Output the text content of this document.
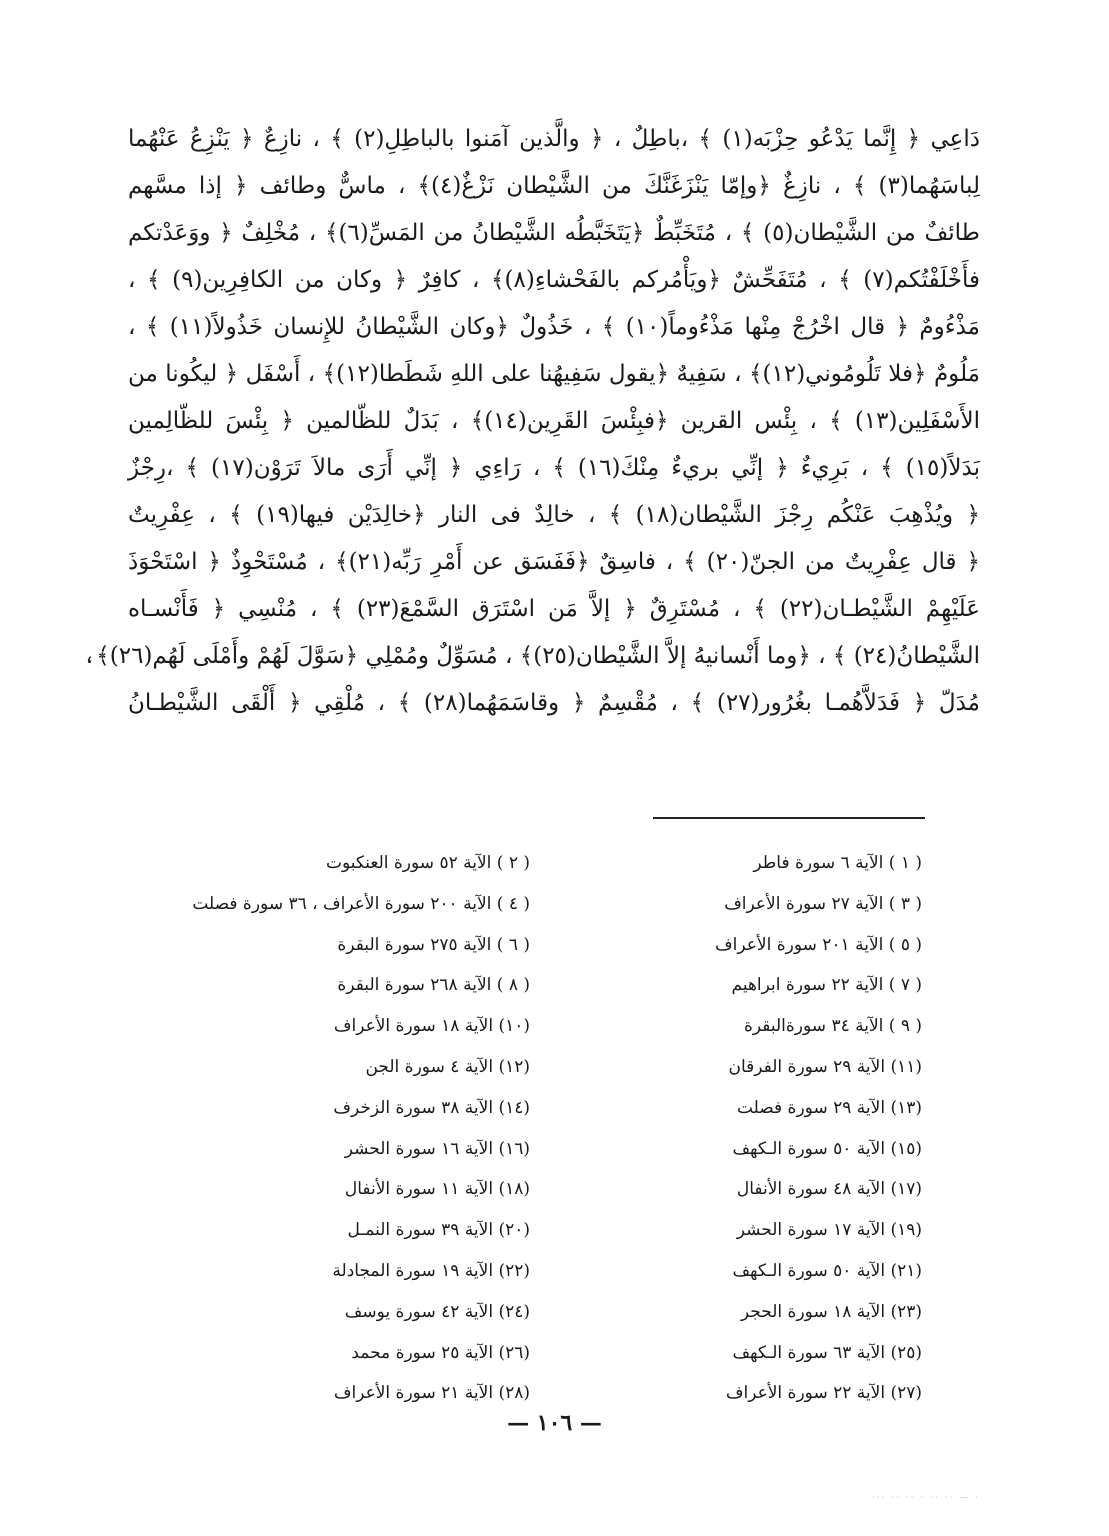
دَاعِي ﴿ إِنَّما يَدْعُو حِزْبَه(١) ﴾ ،باطِلٌ ، ﴿ والَّذين آمَنوا بالباطِلِ(٢) ﴾ ، نازِعٌ ﴿ يَنْزِعُ عَنْهُما
لِباسَهُما(٣) ﴾ ، نازِغٌ ﴿وإمّا يَنْزَغَنَّكَ من الشَّيْطان نَزْغٌ(٤)﴾ ، ماسٌّ وطائف ﴿ إذا مسَّهم
طائفٌ من الشَّيْطان(٥) ﴾ ، مُتَخَبِّطٌ ﴿يَتَخَبَّطُه الشَّيْطانُ من المَسِّ(٦)﴾ ، مُخْلِفٌ ﴿ ووَعَدْتكم
فأَخْلَفْتُكم(٧) ﴾ ، مُتَفَحِّشٌ ﴿ويَأْمُركم بالفَحْشاءِ(٨)﴾ ، كافِرٌ ﴿ وكان من الكافِرِين(٩) ﴾ ،
مَذْءُومٌ ﴿ قال اخْرُجْ مِنْها مَذْءُوماً(١٠) ﴾ ، خَذُولٌ ﴿وكان الشَّيْطانُ للإِنسان خَذُولاً(١١) ﴾ ،
مَلُومٌ ﴿فلا تَلُومُوني(١٢)﴾ ، سَفِيهٌ ﴿يقول سَفِيهُنا على اللهِ شَطَطا(١٢)﴾ ، أَسْفَل ﴿ ليكُونا من
الأَسْفَلِين(١٣) ﴾ ، بِئْس القرين ﴿فبِئْسَ القَرِين(١٤)﴾ ، بَدَلٌ للظّالمين ﴿ بِئْسَ للظّالِمين
بَدَلاً(١٥) ﴾ ، بَرِيءٌ ﴿ إنِّي بريءٌ مِنْكَ(١٦) ﴾ ، رَاءِي ﴿ إنِّي أَرَى مالاَ تَرَوْن(١٧) ﴾ ،رِجْزٌ
﴿ ويُذْهِبَ عَنْكُم رِجْزَ الشَّيْطان(١٨) ﴾ ، خالِدٌ فى النار ﴿خالِدَيْن فيها(١٩) ﴾ ، عِفْرِيتٌ
﴿ قال عِفْرِيتٌ من الجنّ(٢٠) ﴾ ، فاسِقٌ ﴿فَفَسَق عن أَمْرِ رَبِّه(٢١)﴾ ، مُسْتَحْوِذٌ ﴿ اسْتَحْوَذَ
عَلَيْهِمْ الشَّيْطـان(٢٢) ﴾ ، مُسْتَرِقٌ ﴿ إلاَّ مَن اسْتَرَق السَّمْعَ(٢٣) ﴾ ، مُنْسِي ﴿ فَأَنْسـاه
الشَّيْطانُ(٢٤) ﴾ ، ﴿وما أَنْسانيهُ إلاَّ الشَّيْطان(٢٥)﴾ ، مُسَوِّلٌ ومُمْلِي ﴿سَوَّلَ لَهُمْ وأَمْلَى لَهُم(٢٦)﴾،
مُدَلّ ﴿ فَدَلاَّهُمـا بغُرُور(٢٧) ﴾ ، مُقْسِمٌ ﴿ وقاسَمَهُما(٢٨) ﴾ ، مُلْقِي ﴿ أَلْقَى الشَّيْطـانُ
( ١ ) الآية ٦ سورة فاطر
( ٣ ) الآية ٢٧ سورة الأعراف
( ٥ ) الآية ٢٠١ سورة الأعراف
( ٧ ) الآية ٢٢ سورة ابراهيم
( ٩ ) الآية ٣٤ سورةالبقرة
(١١) الآية ٢٩ سورة الفرقان
(١٣) الآية ٢٩ سورة فصلت
(١٥) الآية ٥٠ سورة الـكهف
(١٧) الآية ٤٨ سورة الأنفال
(١٩) الآية ١٧ سورة الحشر
(٢١) الآية ٥٠ سورة الـكهف
(٢٣) الآية ١٨ سورة الحجر
(٢٥) الآية ٦٣ سورة الـكهف
(٢٧) الآية ٢٢ سورة الأعراف
( ٢ ) الآية ٥٢ سورة العنكبوت
( ٤ ) الآية ٢٠٠ سورة الأعراف ، ٣٦ سورة فصلت
( ٦ ) الآية ٢٧٥ سورة البقرة
( ٨ ) الآية ٢٦٨ سورة البقرة
(١٠) الآية ١٨ سورة الأعراف
(١٢) الآية ٤ سورة الجن
(١٤) الآية ٣٨ سورة الزخرف
(١٦) الآية ١٦ سورة الحشر
(١٨) الآية ١١ سورة الأنفال
(٢٠) الآية ٣٩ سورة النمـل
(٢٢) الآية ١٩ سورة المجادلة
(٢٤) الآية ٤٢ سورة يوسف
(٢٦) الآية ٢٥ سورة محمد
(٢٨) الآية ٢١ سورة الأعراف
— ١٠٦ —
· — ·· ·· · ·· ·· ···
